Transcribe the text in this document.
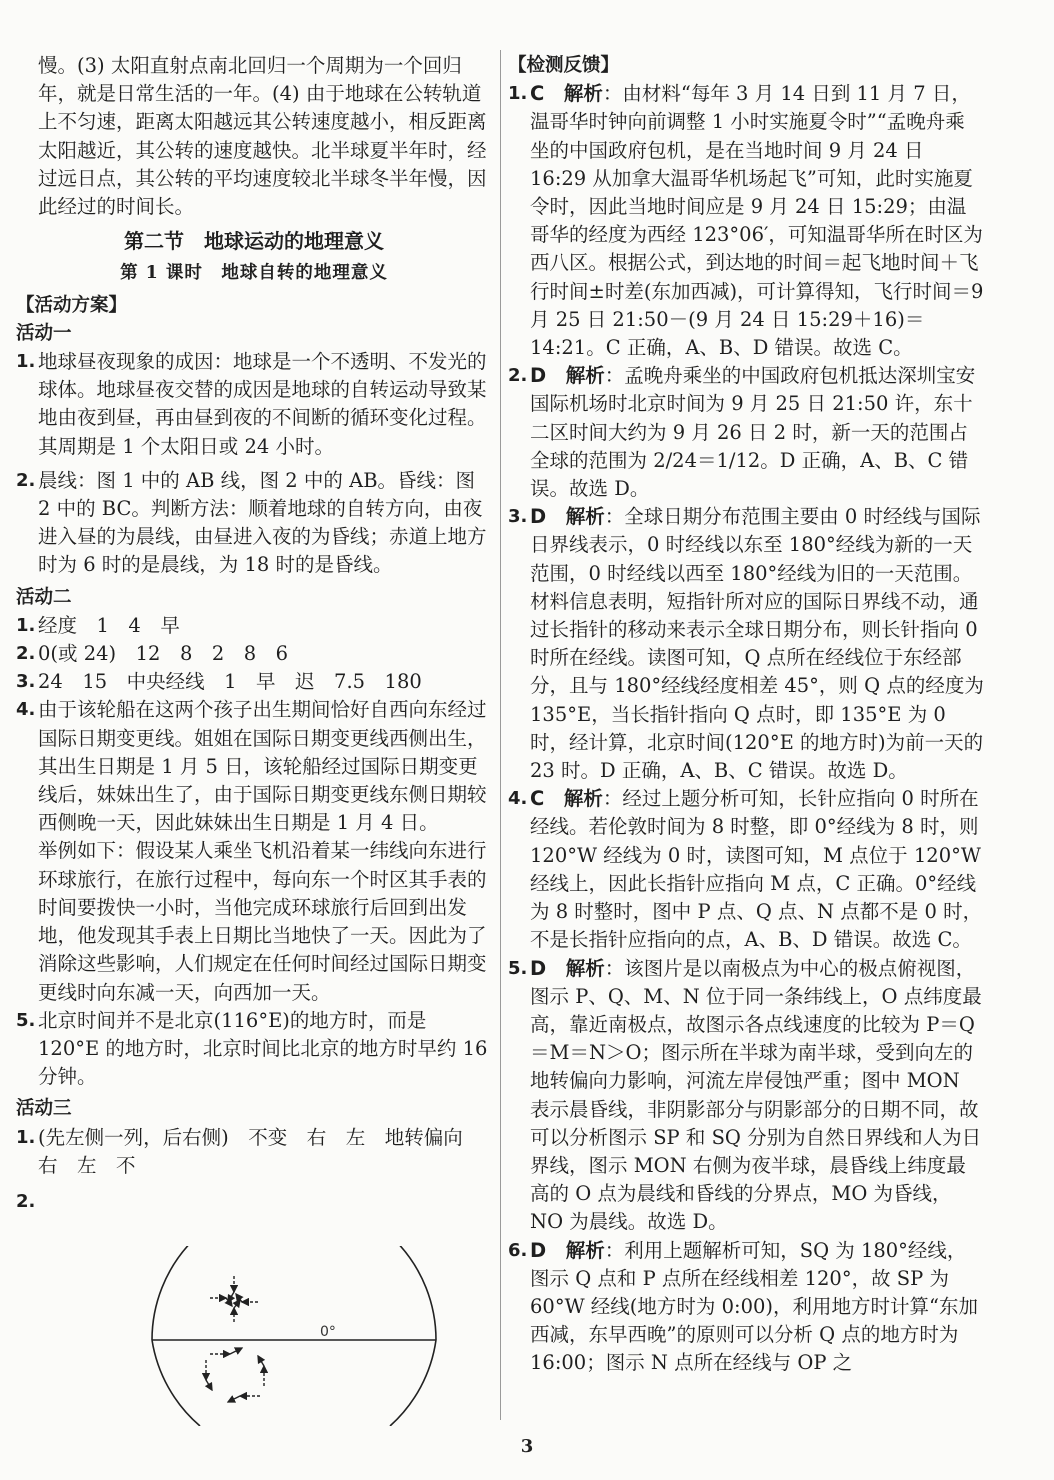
慢。(3) 太阳直射点南北回归一个周期为一个回归年，就是日常生活的一年。(4) 由于地球在公转轨道上不匀速，距离太阳越远其公转速度越小，相反距离太阳越近，其公转的速度越快。北半球夏半年时，经过远日点，其公转的平均速度较北半球冬半年慢，因此经过的时间长。

第二节　地球运动的地理意义
第 1 课时　地球自转的地理意义
【活动方案】
活动一
1. 地球昼夜现象的成因：地球是一个不透明、不发光的球体。地球昼夜交替的成因是地球的自转运动导致某地由夜到昼，再由昼到夜的不间断的循环变化过程。其周期是 1 个太阳日或 24 小时。
2. 晨线：图 1 中的 AB 线，图 2 中的 AB。昏线：图 2 中的 BC。判断方法：顺着地球的自转方向，由夜进入昼的为晨线，由昼进入夜的为昏线；赤道上地方时为 6 时的是晨线，为 18 时的是昏线。
活动二
1. 经度　1　4　早
2. 0(或 24)　12　8　2　8　6
3. 24　15　中央经线　1　早　迟　7.5　180
4. 由于该轮船在这两个孩子出生期间恰好自西向东经过国际日期变更线。姐姐在国际日期变更线西侧出生，其出生日期是 1 月 5 日，该轮船经过国际日期变更线后，妹妹出生了，由于国际日期变更线东侧日期较西侧晚一天，因此妹妹出生日期是 1 月 4 日。
举例如下：假设某人乘坐飞机沿着某一纬线向东进行环球旅行，在旅行过程中，每向东一个时区其手表的时间要拨快一小时，当他完成环球旅行后回到出发地，他发现其手表上日期比当地快了一天。因此为了消除这些影响，人们规定在任何时间经过国际日期变更线时向东减一天，向西加一天。
5. 北京时间并不是北京(116°E)的地方时，而是 120°E 的地方时，北京时间比北京的地方时早约 16 分钟。
活动三
1. (先左侧一列，后右侧)　不变　右　左　地转偏向　右　左　不
2.
0°
【检测反馈】
1. C　 解析：由材料“每年 3 月 14 日到 11 月 7 日，温哥华时钟向前调整 1 小时实施夏令时”“孟晚舟乘坐的中国政府包机，是在当地时间 9 月 24 日 16:29 从加拿大温哥华机场起飞”可知，此时实施夏令时，因此当地时间应是 9 月 24 日 15:29；由温哥华的经度为西经 123°06′，可知温哥华所在时区为西八区。根据公式，到达地的时间＝起飞地时间＋飞行时间±时差(东加西减)，可计算得知，飞行时间＝9 月 25 日 21:50－(9 月 24 日 15:29＋16)＝14:21。C 正确，A、B、D 错误。故选 C。
2. D　 解析：孟晚舟乘坐的中国政府包机抵达深圳宝安国际机场时北京时间为 9 月 25 日 21:50 许，东十二区时间大约为 9 月 26 日 2 时，新一天的范围占全球的范围为 2/24＝1/12。D 正确，A、B、C 错误。故选 D。
3. D　 解析：全球日期分布范围主要由 0 时经线与国际日界线表示，0 时经线以东至 180°经线为新的一天范围，0 时经线以西至 180°经线为旧的一天范围。材料信息表明，短指针所对应的国际日界线不动，通过长指针的移动来表示全球日期分布，则长针指向 0 时所在经线。读图可知，Q 点所在经线位于东经部分，且与 180°经线经度相差 45°，则 Q 点的经度为 135°E，当长指针指向 Q 点时，即 135°E 为 0 时，经计算，北京时间(120°E 的地方时)为前一天的 23 时。D 正确，A、B、C 错误。故选 D。
4. C　 解析：经过上题分析可知，长针应指向 0 时所在经线。若伦敦时间为 8 时整，即 0°经线为 8 时，则 120°W 经线为 0 时，读图可知，M 点位于 120°W 经线上，因此长指针应指向 M 点，C 正确。0°经线为 8 时整时，图中 P 点、Q 点、N 点都不是 0 时，不是长指针应指向的点，A、B、D 错误。故选 C。
5. D　 解析：该图片是以南极点为中心的极点俯视图，图示 P、Q、M、N 位于同一条纬线上，O 点纬度最高，靠近南极点，故图示各点线速度的比较为 P＝Q＝M＝N＞O；图示所在半球为南半球，受到向左的地转偏向力影响，河流左岸侵蚀严重；图中 MON 表示晨昏线，非阴影部分与阴影部分的日期不同，故可以分析图示 SP 和 SQ 分别为自然日界线和人为日界线，图示 MON 右侧为夜半球，晨昏线上纬度最高的 O 点为晨线和昏线的分界点，MO 为昏线，NO 为晨线。故选 D。
6. D　 解析：利用上题解析可知，SQ 为 180°经线，图示 Q 点和 P 点所在经线相差 120°，故 SP 为 60°W 经线(地方时为 0:00)，利用地方时计算“东加西减，东早西晚”的原则可以分析 Q 点的地方时为 16:00；图示 N 点所在经线与 OP 之
3
